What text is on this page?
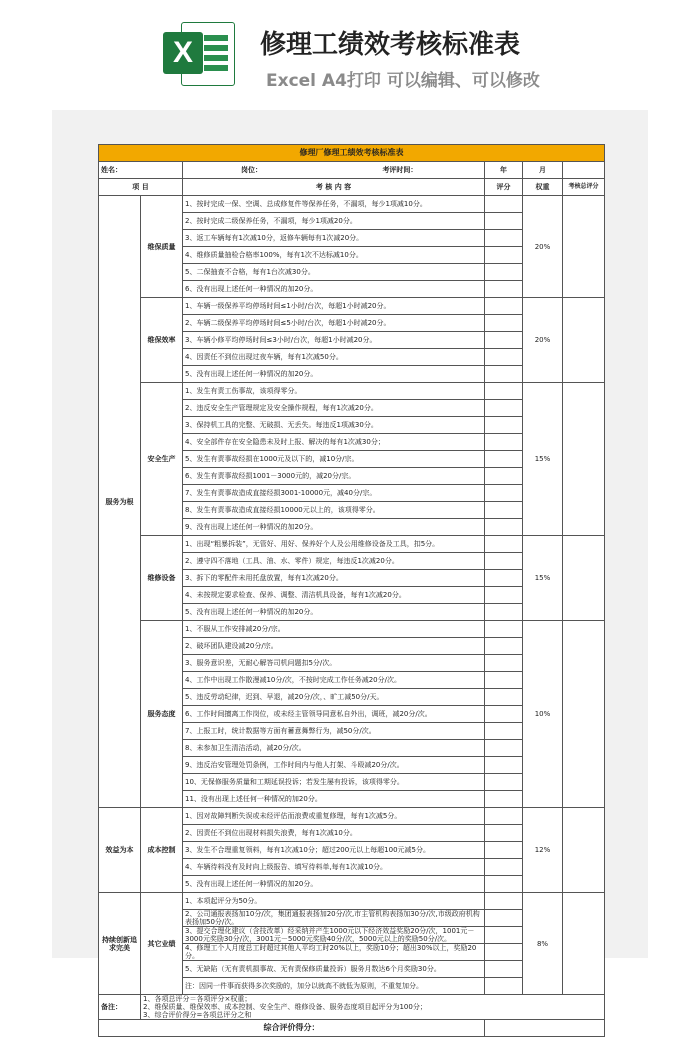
X	修理工绩效考核标准表
Excel A4打印 可以编辑、可以修改
修理厂修理工绩效考核标准表					
姓名：		岗位： 考评时间：	年	月	
项 目		考 核 内 容	评分	权重	考核总评分
服务为根	维保质量	1、按时完成一保、空调、总成修复件等保养任务，不漏项，每少1项减10分。		20%	
		2、按时完成二级保养任务，不漏项，每少1项减20分。			
		3、返工车辆每有1次减10分，返修车辆每有1次减20分。			
		4、维修质量抽检合格率100%，每有1次不达标减10分。			
		5、二保抽查不合格，每有1台次减30分。			
		6、没有出现上述任何一种情况的加20分。			
	维保效率	1、车辆一级保养平均停场时间≤1小时/台次，每超1小时减20分。		20%	
		2、车辆二级保养平均停场时间≤5小时/台次，每超1小时减20分。			
		3、车辆小修平均停场时间≤3小时/台次，每超1小时减20分。			
		4、因责任不到位出现过夜车辆，每有1次减50分。			
		5、没有出现上述任何一种情况的加20分。			
	安全生产	1、发生有责工伤事故，该项得零分。		15%	
		2、违反安全生产管理规定及安全操作规程，每有1次减20分。			
		3、保持机工具的完整、无破损、无丢失。每违反1项减30分。			
		4、安全部件存在安全隐患未及时上报、解决的每有1次减30分；			
		5、发生有责事故经损在1000元及以下的，减10分/宗。			
		6、发生有责事故经损1001－3000元的，减20分/宗。			
		7、发生有责事故造成直接经损3001-10000元，减40分/宗。			
		8、发生有责事故造成直接经损10000元以上的，该项得零分。			
		9、没有出现上述任何一种情况的加20分。			
	维修设备	1、出现“粗暴拆装”，无管好、用好、保养好个人及公用维修设备及工具，扣5分。		15%	
		2、遵守四不落地（工具、油、水、零件）规定，每违反1次减20分。			
		3、拆下的零配件未用托盘放置，每有1次减20分。			
		4、未按规定要求检查、保养、调整、清洁机具设备，每有1次减20分。			
		5、没有出现上述任何一种情况的加20分。			
	服务态度	1、不服从工作安排减20分/宗。		10%	
		2、破坏团队建设减20分/宗。			
		3、服务意识差，无耐心解答司机问题扣5分/次。			
		4、工作中出现工作散漫减10分/次，不按时完成工作任务减20分/次。			
		5、违反劳动纪律，迟到、早退，减20分/次，、旷工减50分/天。			
		6、工作时间擅离工作岗位，或未经主管领导同意私自外出，调班，减20分/次。			
		7、上报工时，统计数据等方面有蓄意舞弊行为，减50分/次。			
		8、未参加卫生清洁活动，减20分/次。			
		9、违反治安管理处罚条例，工作时间内与他人打架、斗殴减20分/次。			
		10、无保修服务质量和工期延误投诉；若发生屡有投诉，该项得零分。			
		11、没有出现上述任何一种情况的加20分。			
效益为本	成本控制	1、因对故障判断失误或未经评估而浪费或重复修理，每有1次减5分。		12%	
		2、因责任不到位出现材料损失浪费，每有1次减10分。			
		3、发生不合理重复领料，每有1次减10分；超过200元以上每超100元减5分。			
		4、车辆待料没有及时向上级报告、填写待料单,每有1次减10分。			
		5、没有出现上述任何一种情况的加20分。			
持续创新追求完美	其它业绩	1、本项起评分为50分。		8%	
		2、公司通报表扬加10分/次，集团通报表扬加20分/次,市主管机构表扬加30分/次,市级政府机构表扬加50分/次。			
		3、提交合理化建议（含技改革）经采纳并产生1000元以下经济效益奖励20分/次，1001元－3000元奖励30分/次，3001元－5000元奖励40分/次，5000元以上的奖励50分/次。			
		4、修理工个人月度总工时超过其他人平均工时20%以上，奖励10分；超出30%以上，奖励20分。			
		5、无缺陷（无有责机损事故、无有责保修质量投诉）服务月数达6个月奖励30分。			
		注：因同一件事而获得多次奖励的，加分以就高不就低为原则，不重复加分。			
备注：	1、各项总评分＝各项评分×权重；
2、维保质量、维保效率、成本控制、安全生产、维修设备、服务态度项目起评分为100分；
3、综合评价得分=各项总评分之和				

综合评价得分：					
